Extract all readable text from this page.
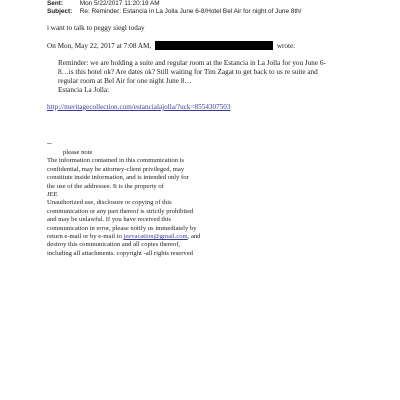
Sent:	Mon 5/22/2017 11:20:19 AM
Subject: Re: Reminder: Estancia in La Jolla June 6-8/Hotel Bel Air for night of June 8th/
i want to talk to peggy siegl today
On Mon, May 22, 2017 at 7:08 AM,	wrote:
Reminder: we are holding a suite and regular room at the Estancia in La Jolla for you June 6-
8…is this hotel ok? Are dates ok? Still waiting for Tim Zagat to get back to us re suite and
regular room at Bel Air for one night June 8…
Estancia La Jolla:
http://meritagecollection.com/estancialajolla/?uck=8554307503
--

please note

The information contained in this communication is

confidential, may be attorney-client privileged, may

constitute inside information, and is intended only for

the use of the addressee. It is the property of

JEE

Unauthorized use, disclosure or copying of this

communication or any part thereof is strictly prohibited

and may be unlawful. If you have received this

communication in error, please notify us immediately by

return e-mail or by e-mail to jeevacation@gmail.com, and

destroy this communication and all copies thereof,

including all attachments. copyright -all rights reserved
